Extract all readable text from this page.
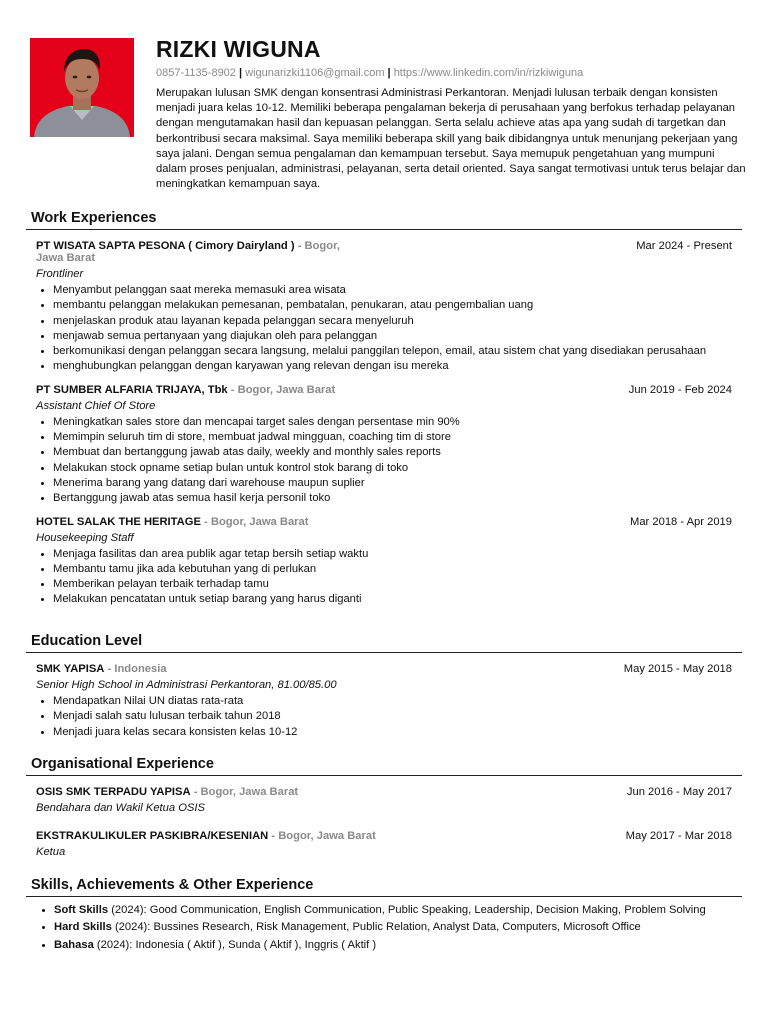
RIZKI WIGUNA
0857-1135-8902 | wigunarizki1106@gmail.com | https://www.linkedin.com/in/rizkiwiguna

Merupakan lulusan SMK dengan konsentrasi Administrasi Perkantoran. Menjadi lulusan terbaik dengan konsisten menjadi juara kelas 10-12. Memiliki beberapa pengalaman bekerja di perusahaan yang berfokus terhadap pelayanan dengan mengutamakan hasil dan kepuasan pelanggan. Serta selalu achieve atas apa yang sudah di targetkan dan berkontribusi secara maksimal. Saya memiliki beberapa skill yang baik dibidangnya untuk menunjang pekerjaan yang saya jalani. Dengan semua pengalaman dan kemampuan tersebut. Saya memupuk pengetahuan yang mumpuni dalam proses penjualan, administrasi, pelayanan, serta detail oriented. Saya sangat termotivasi untuk terus belajar dan meningkatkan kemampuan saya.

Work Experiences
PT WISATA SAPTA PESONA ( Cimory Dairyland ) - Bogor,
Jawa Barat
Mar 2024 - Present
Frontliner
• Menyambut pelanggan saat mereka memasuki area wisata
• membantu pelanggan melakukan pemesanan, pembatalan, penukaran, atau pengembalian uang
• menjelaskan produk atau layanan kepada pelanggan secara menyeluruh
• menjawab semua pertanyaan yang diajukan oleh para pelanggan
• berkomunikasi dengan pelanggan secara langsung, melalui panggilan telepon, email, atau sistem chat yang disediakan perusahaan
• menghubungkan pelanggan dengan karyawan yang relevan dengan isu mereka
PT SUMBER ALFARIA TRIJAYA, Tbk - Bogor, Jawa Barat	Jun 2019 - Feb 2024
Assistant Chief Of Store
• Meningkatkan sales store dan mencapai target sales dengan persentase min 90%
• Memimpin seluruh tim di store, membuat jadwal mingguan, coaching tim di store
• Membuat dan bertanggung jawab atas daily, weekly and monthly sales reports
• Melakukan stock opname setiap bulan untuk kontrol stok barang di toko
• Menerima barang yang datang dari warehouse maupun suplier
• Bertanggung jawab atas semua hasil kerja personil toko
HOTEL SALAK THE HERITAGE - Bogor, Jawa Barat	Mar 2018 - Apr 2019
Housekeeping Staff
• Menjaga fasilitas dan area publik agar tetap bersih setiap waktu
• Membantu tamu jika ada kebutuhan yang di perlukan
• Memberikan pelayan terbaik terhadap tamu
• Melakukan pencatatan untuk setiap barang yang harus diganti
Education Level
SMK YAPISA - Indonesia	May 2015 - May 2018
Senior High School in Administrasi Perkantoran, 81.00/85.00
• Mendapatkan Nilai UN diatas rata-rata
• Menjadi salah satu lulusan terbaik tahun 2018
• Menjadi juara kelas secara konsisten kelas 10-12
Organisational Experience
OSIS SMK TERPADU YAPISA - Bogor, Jawa Barat	Jun 2016 - May 2017
Bendahara dan Wakil Ketua OSIS
EKSTRAKULIKULER PASKIBRA/KESENIAN - Bogor, Jawa Barat	May 2017 - Mar 2018
Ketua
Skills, Achievements & Other Experience
• Soft Skills (2024): Good Communication, English Communication, Public Speaking, Leadership, Decision Making, Problem Solving
• Hard Skills (2024): Bussines Research, Risk Management, Public Relation, Analyst Data, Computers, Microsoft Office
• Bahasa (2024): Indonesia ( Aktif ), Sunda ( Aktif ), Inggris ( Aktif )
